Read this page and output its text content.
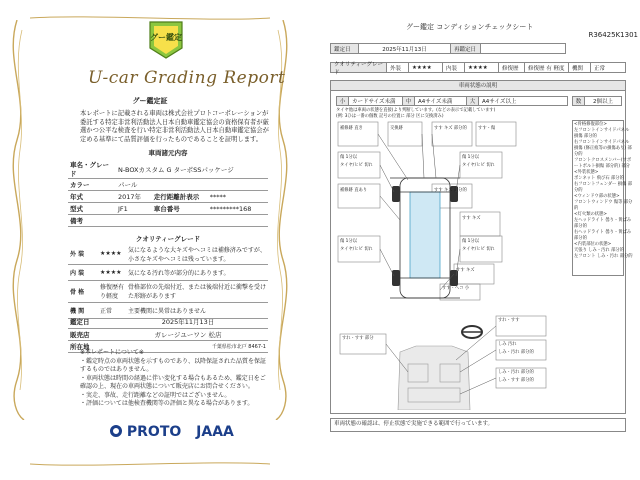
グー鑑定
U-car Grading Report
グー鑑定証
本レポートに記載される車両は株式会社プロトコーポレーションが委託する特定非営利活動法人日本自動車鑑定協会の資格保有者が厳選かつ公平な検査を行い特定非営利活動法人日本自動車鑑定協会が定める基準にて品質評価を行ったものであることを証明します。
車両諸元内容
車名・グレード	N-BOXカスタム G ターボSSパッケージ		
カラー	パール		
年式	2017年	走行距離計表示	*****
型式	JF1	車台番号	*********168
備考			
クオリティーグレード
外 装	★★★★	気になるような大キズやヘコミは補修済みですが、小さなキズやヘコミは残っています。
内 装	★★★★	気になる汚れ等が部分的にあります。
骨 格	修復歴有り軽度	骨格部位の先端付近、または後端付近に衝撃を受けた形跡があります
機 関	正常	主要機関に異常はありません
鑑定日	2025年11月13日
販売店	ガレージユーワン 松店
所在地	千葉県松市北戸 8467-1
※本レポートについて※
・鑑定時点の車両状態を示すものであり、以降保証された品質を保証するものではありません。
・車両状態は時間の経過に伴い変化する場合もあるため、鑑定日をご確認の上、現在の車両状態について販売店にお問合せください。
・実走、事故、走行距離などの証明ではございません。
・評価については他検査機関等の評価と異なる場合があります。
PROTO JAAA
グー鑑定 コンディションチェックシート
R36425K1301
鑑定日	2025年11月13日	再鑑定日
クオリティーグレード
外装	★★★★	内装	★★★★	修復歴	修復歴 有 軽度	機関	正常
車両状態の説明
小	カードサイズ未満	中	A4サイズ未満	大	A4サイズ以上	数	2個以上
タイヤ他は車両の状態を直接(より判断しています。(などの表示で記載しています)
(例: 3ひは一番の個数 記号の位置に 部分 区に交換済み)
<骨格修復部位>
左フロントインサイドパネル 損傷 部分的
右フロントインサイドパネル 損傷 (修正痕等の損傷あり) 部分的
フロントクロスメンバー(サポートボルト損傷 部分的) 部分
<外装状態>
ボンネット 飛び石 部分的
右フロントフェンダー 損傷 部分的
<ウィンドウ部の状態>
フロントウィンドウ 傷等 部分的
<灯火類の状態>
左ヘッドライト 曇り・黄ばみ 部分的
右ヘッドライト 曇り・黄ばみ 部分的
<内装部位の状態>
天張り しみ・汚れ 部分的
左フロント しみ・汚れ 部分的
補修跡 直き	交換跡	すす キズ 部分的	すす・傷
傷 1分以
タイヤ/ヒビ 切れ
傷 1分以
タイヤ/ヒビ 切れ
補修跡 直あり	すす キズ 部分的
すす キズ
傷 1分以
タイヤ/ヒビ 切れ
傷 1分以
タイヤ/ヒビ 切れ
すす キズ
すす・へコ 小
すれ・すす
すれ・すす 部分
しみ 汚れ
しみ・汚れ 部分的
しみ・汚れ 部分的
しみ・すす 部分的
車両状態の確認は、停止状態で実施できる範囲で行っています。
